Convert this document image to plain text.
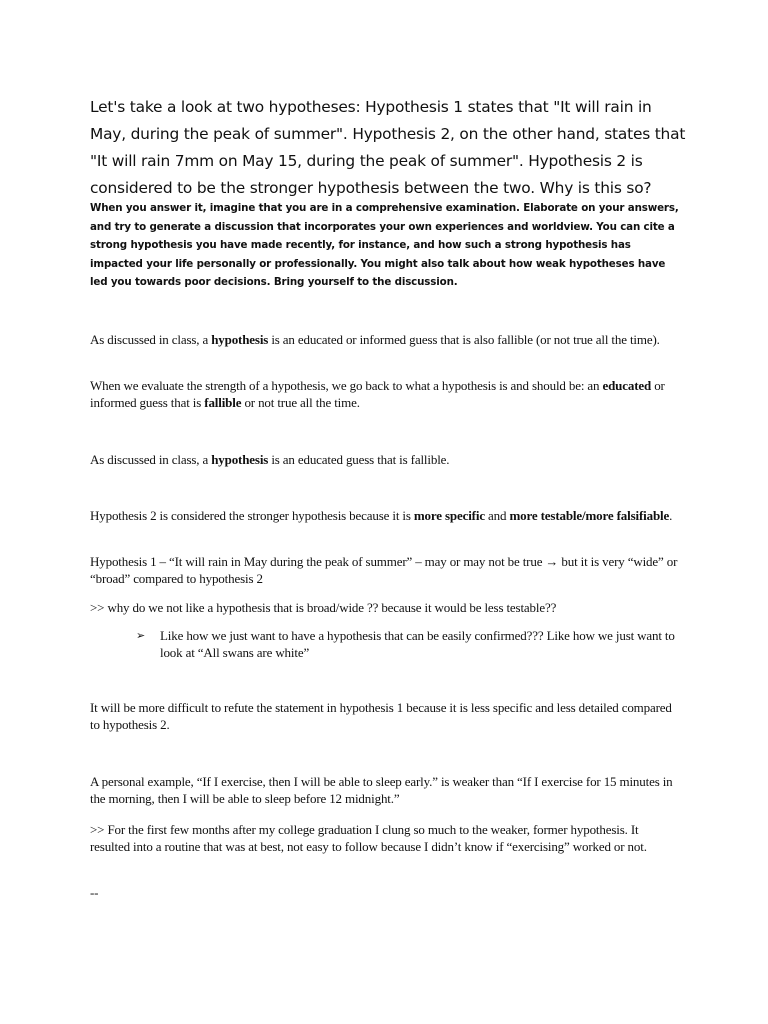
Let's take a look at two hypotheses: Hypothesis 1 states that "It will rain in May, during the peak of summer". Hypothesis 2, on the other hand, states that "It will rain 7mm on May 15, during the peak of summer". Hypothesis 2 is considered to be the stronger hypothesis between the two. Why is this so?
When you answer it, imagine that you are in a comprehensive examination. Elaborate on your answers, and try to generate a discussion that incorporates your own experiences and worldview. You can cite a strong hypothesis you have made recently, for instance, and how such a strong hypothesis has impacted your life personally or professionally. You might also talk about how weak hypotheses have led you towards poor decisions. Bring yourself to the discussion.
As discussed in class, a hypothesis is an educated or informed guess that is also fallible (or not true all the time).
When we evaluate the strength of a hypothesis, we go back to what a hypothesis is and should be: an educated or informed guess that is fallible or not true all the time.
As discussed in class, a hypothesis is an educated guess that is fallible.
Hypothesis 2 is considered the stronger hypothesis because it is more specific and more testable/more falsifiable.
Hypothesis 1 – “It will rain in May during the peak of summer” – may or may not be true → but it is very “wide” or “broad” compared to hypothesis 2
>> why do we not like a hypothesis that is broad/wide ?? because it would be less testable??
➢ Like how we just want to have a hypothesis that can be easily confirmed??? Like how we just want to look at “All swans are white”
It will be more difficult to refute the statement in hypothesis 1 because it is less specific and less detailed compared to hypothesis 2.
A personal example, “If I exercise, then I will be able to sleep early.” is weaker than “If I exercise for 15 minutes in the morning, then I will be able to sleep before 12 midnight.”
>> For the first few months after my college graduation I clung so much to the weaker, former hypothesis. It resulted into a routine that was at best, not easy to follow because I didn’t know if “exercising” worked or not.
--
